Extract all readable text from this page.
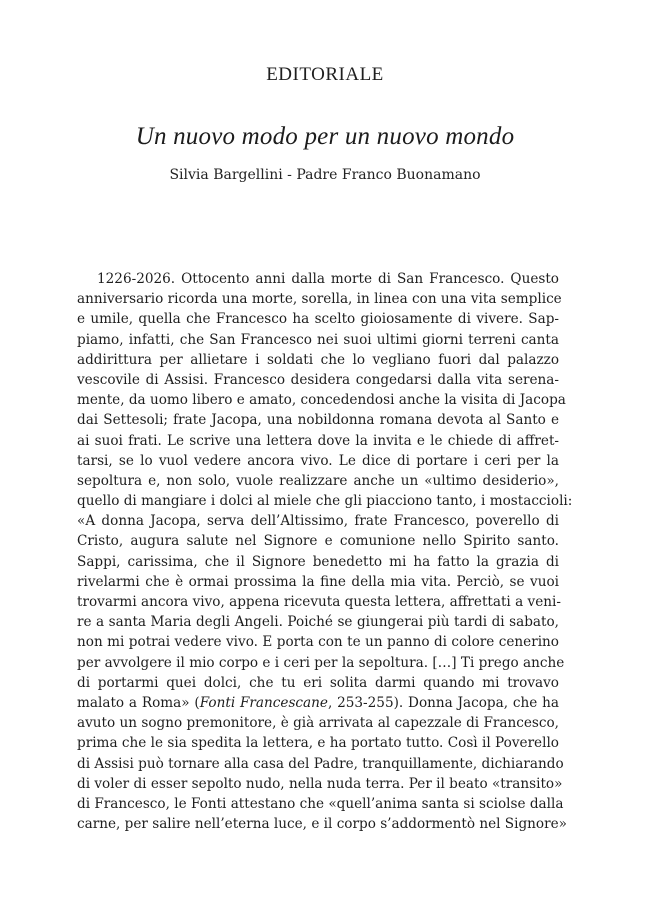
EDITORIALE
Un nuovo modo per un nuovo mondo
Silvia Bargellini - Padre Franco Buonamano
1226-2026. Ottocento anni dalla morte di San Francesco. Questo
anniversario ricorda una morte, sorella, in linea con una vita semplice
e umile, quella che Francesco ha scelto gioiosamente di vivere. Sap-
piamo, infatti, che San Francesco nei suoi ultimi giorni terreni canta
addirittura per allietare i soldati che lo vegliano fuori dal palazzo
vescovile di Assisi. Francesco desidera congedarsi dalla vita serena-
mente, da uomo libero e amato, concedendosi anche la visita di Jacopa
dai Settesoli; frate Jacopa, una nobildonna romana devota al Santo e
ai suoi frati. Le scrive una lettera dove la invita e le chiede di affret-
tarsi, se lo vuol vedere ancora vivo. Le dice di portare i ceri per la
sepoltura e, non solo, vuole realizzare anche un «ultimo desiderio»,
quello di mangiare i dolci al miele che gli piacciono tanto, i mostaccioli:
«A donna Jacopa, serva dell’Altissimo, frate Francesco, poverello di
Cristo, augura salute nel Signore e comunione nello Spirito santo.
Sappi, carissima, che il Signore benedetto mi ha fatto la grazia di
rivelarmi che è ormai prossima la fine della mia vita. Perciò, se vuoi
trovarmi ancora vivo, appena ricevuta questa lettera, affrettati a veni-
re a santa Maria degli Angeli. Poiché se giungerai più tardi di sabato,
non mi potrai vedere vivo. E porta con te un panno di colore cenerino
per avvolgere il mio corpo e i ceri per la sepoltura. […] Ti prego anche
di portarmi quei dolci, che tu eri solita darmi quando mi trovavo
malato a Roma» (Fonti Francescane, 253-255). Donna Jacopa, che ha
avuto un sogno premonitore, è già arrivata al capezzale di Francesco,
prima che le sia spedita la lettera, e ha portato tutto. Così il Poverello
di Assisi può tornare alla casa del Padre, tranquillamente, dichiarando
di voler di esser sepolto nudo, nella nuda terra. Per il beato «transito»
di Francesco, le Fonti attestano che «quell’anima santa si sciolse dalla
carne, per salire nell’eterna luce, e il corpo s’addormentò nel Signore»
